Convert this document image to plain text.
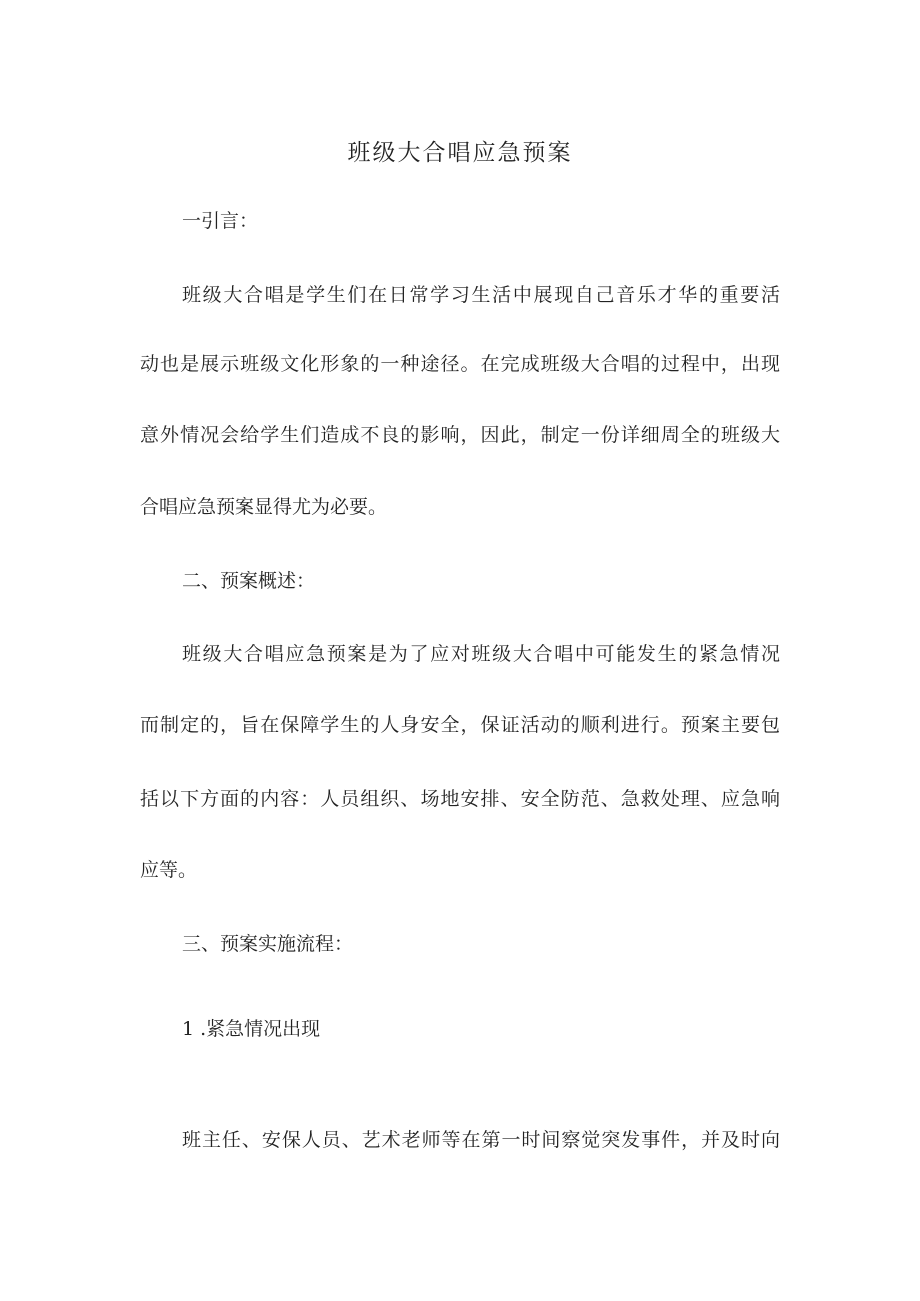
班级大合唱应急预案
一引言：
班级大合唱是学生们在日常学习生活中展现自己音乐才华的重要活
动也是展示班级文化形象的一种途径。在完成班级大合唱的过程中，出现
意外情况会给学生们造成不良的影响，因此，制定一份详细周全的班级大
合唱应急预案显得尤为必要。
二、预案概述：
班级大合唱应急预案是为了应对班级大合唱中可能发生的紧急情况
而制定的，旨在保障学生的人身安全，保证活动的顺利进行。预案主要包
括以下方面的内容：人员组织、场地安排、安全防范、急救处理、应急响
应等。
三、预案实施流程：
1 .紧急情况出现
班主任、安保人员、艺术老师等在第一时间察觉突发事件，并及时向
